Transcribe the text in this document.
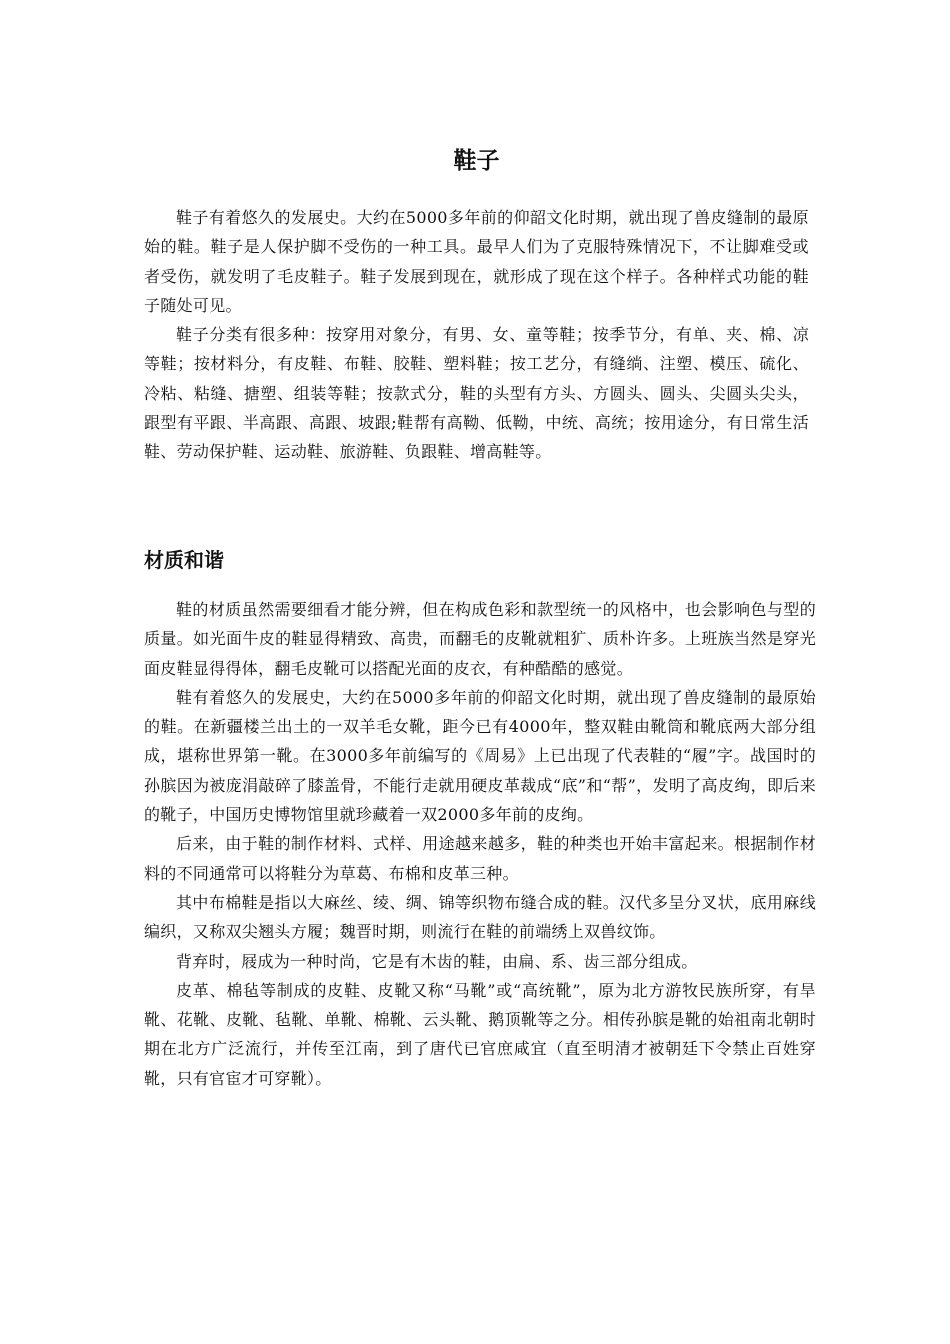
鞋子

鞋子有着悠久的发展史。大约在5000多年前的仰韶文化时期，就出现了兽皮缝制的最原始的鞋。鞋子是人保护脚不受伤的一种工具。最早人们为了克服特殊情况下，不让脚难受或者受伤，就发明了毛皮鞋子。鞋子发展到现在，就形成了现在这个样子。各种样式功能的鞋子随处可见。

鞋子分类有很多种：按穿用对象分，有男、女、童等鞋；按季节分，有单、夹、棉、凉等鞋；按材料分，有皮鞋、布鞋、胶鞋、塑料鞋；按工艺分，有缝绱、注塑、模压、硫化、冷粘、粘缝、搪塑、组装等鞋；按款式分，鞋的头型有方头、方圆头、圆头、尖圆头尖头，跟型有平跟、半高跟、高跟、坡跟;鞋帮有高靿、低靿，中统、高统；按用途分，有日常生活鞋、劳动保护鞋、运动鞋、旅游鞋、负跟鞋、增高鞋等。

材质和谐

鞋的材质虽然需要细看才能分辨，但在构成色彩和款型统一的风格中，也会影响色与型的质量。如光面牛皮的鞋显得精致、高贵，而翻毛的皮靴就粗犷、质朴许多。上班族当然是穿光面皮鞋显得得体，翻毛皮靴可以搭配光面的皮衣，有种酷酷的感觉。

鞋有着悠久的发展史，大约在5000多年前的仰韶文化时期，就出现了兽皮缝制的最原始的鞋。在新疆楼兰出土的一双羊毛女靴，距今已有4000年，整双鞋由靴筒和靴底两大部分组成，堪称世界第一靴。在3000多年前编写的《周易》上已出现了代表鞋的“履”字。战国时的孙膑因为被庞涓敲碎了膝盖骨，不能行走就用硬皮革裁成“底”和“帮”，发明了高皮绚，即后来的靴子，中国历史博物馆里就珍藏着一双2000多年前的皮绚。

后来，由于鞋的制作材料、式样、用途越来越多，鞋的种类也开始丰富起来。根据制作材料的不同通常可以将鞋分为草葛、布棉和皮革三种。

其中布棉鞋是指以大麻丝、绫、绸、锦等织物布缝合成的鞋。汉代多呈分叉状，底用麻线编织，又称双尖翘头方履；魏晋时期，则流行在鞋的前端绣上双兽纹饰。

背弃时，屐成为一种时尚，它是有木齿的鞋，由扁、系、齿三部分组成。

皮革、棉毡等制成的皮鞋、皮靴又称“马靴”或“高统靴”，原为北方游牧民族所穿，有旱靴、花靴、皮靴、毡靴、单靴、棉靴、云头靴、鹅顶靴等之分。相传孙膑是靴的始祖南北朝时期在北方广泛流行，并传至江南，到了唐代已官庶咸宜（直至明清才被朝廷下令禁止百姓穿靴，只有官宦才可穿靴）。
